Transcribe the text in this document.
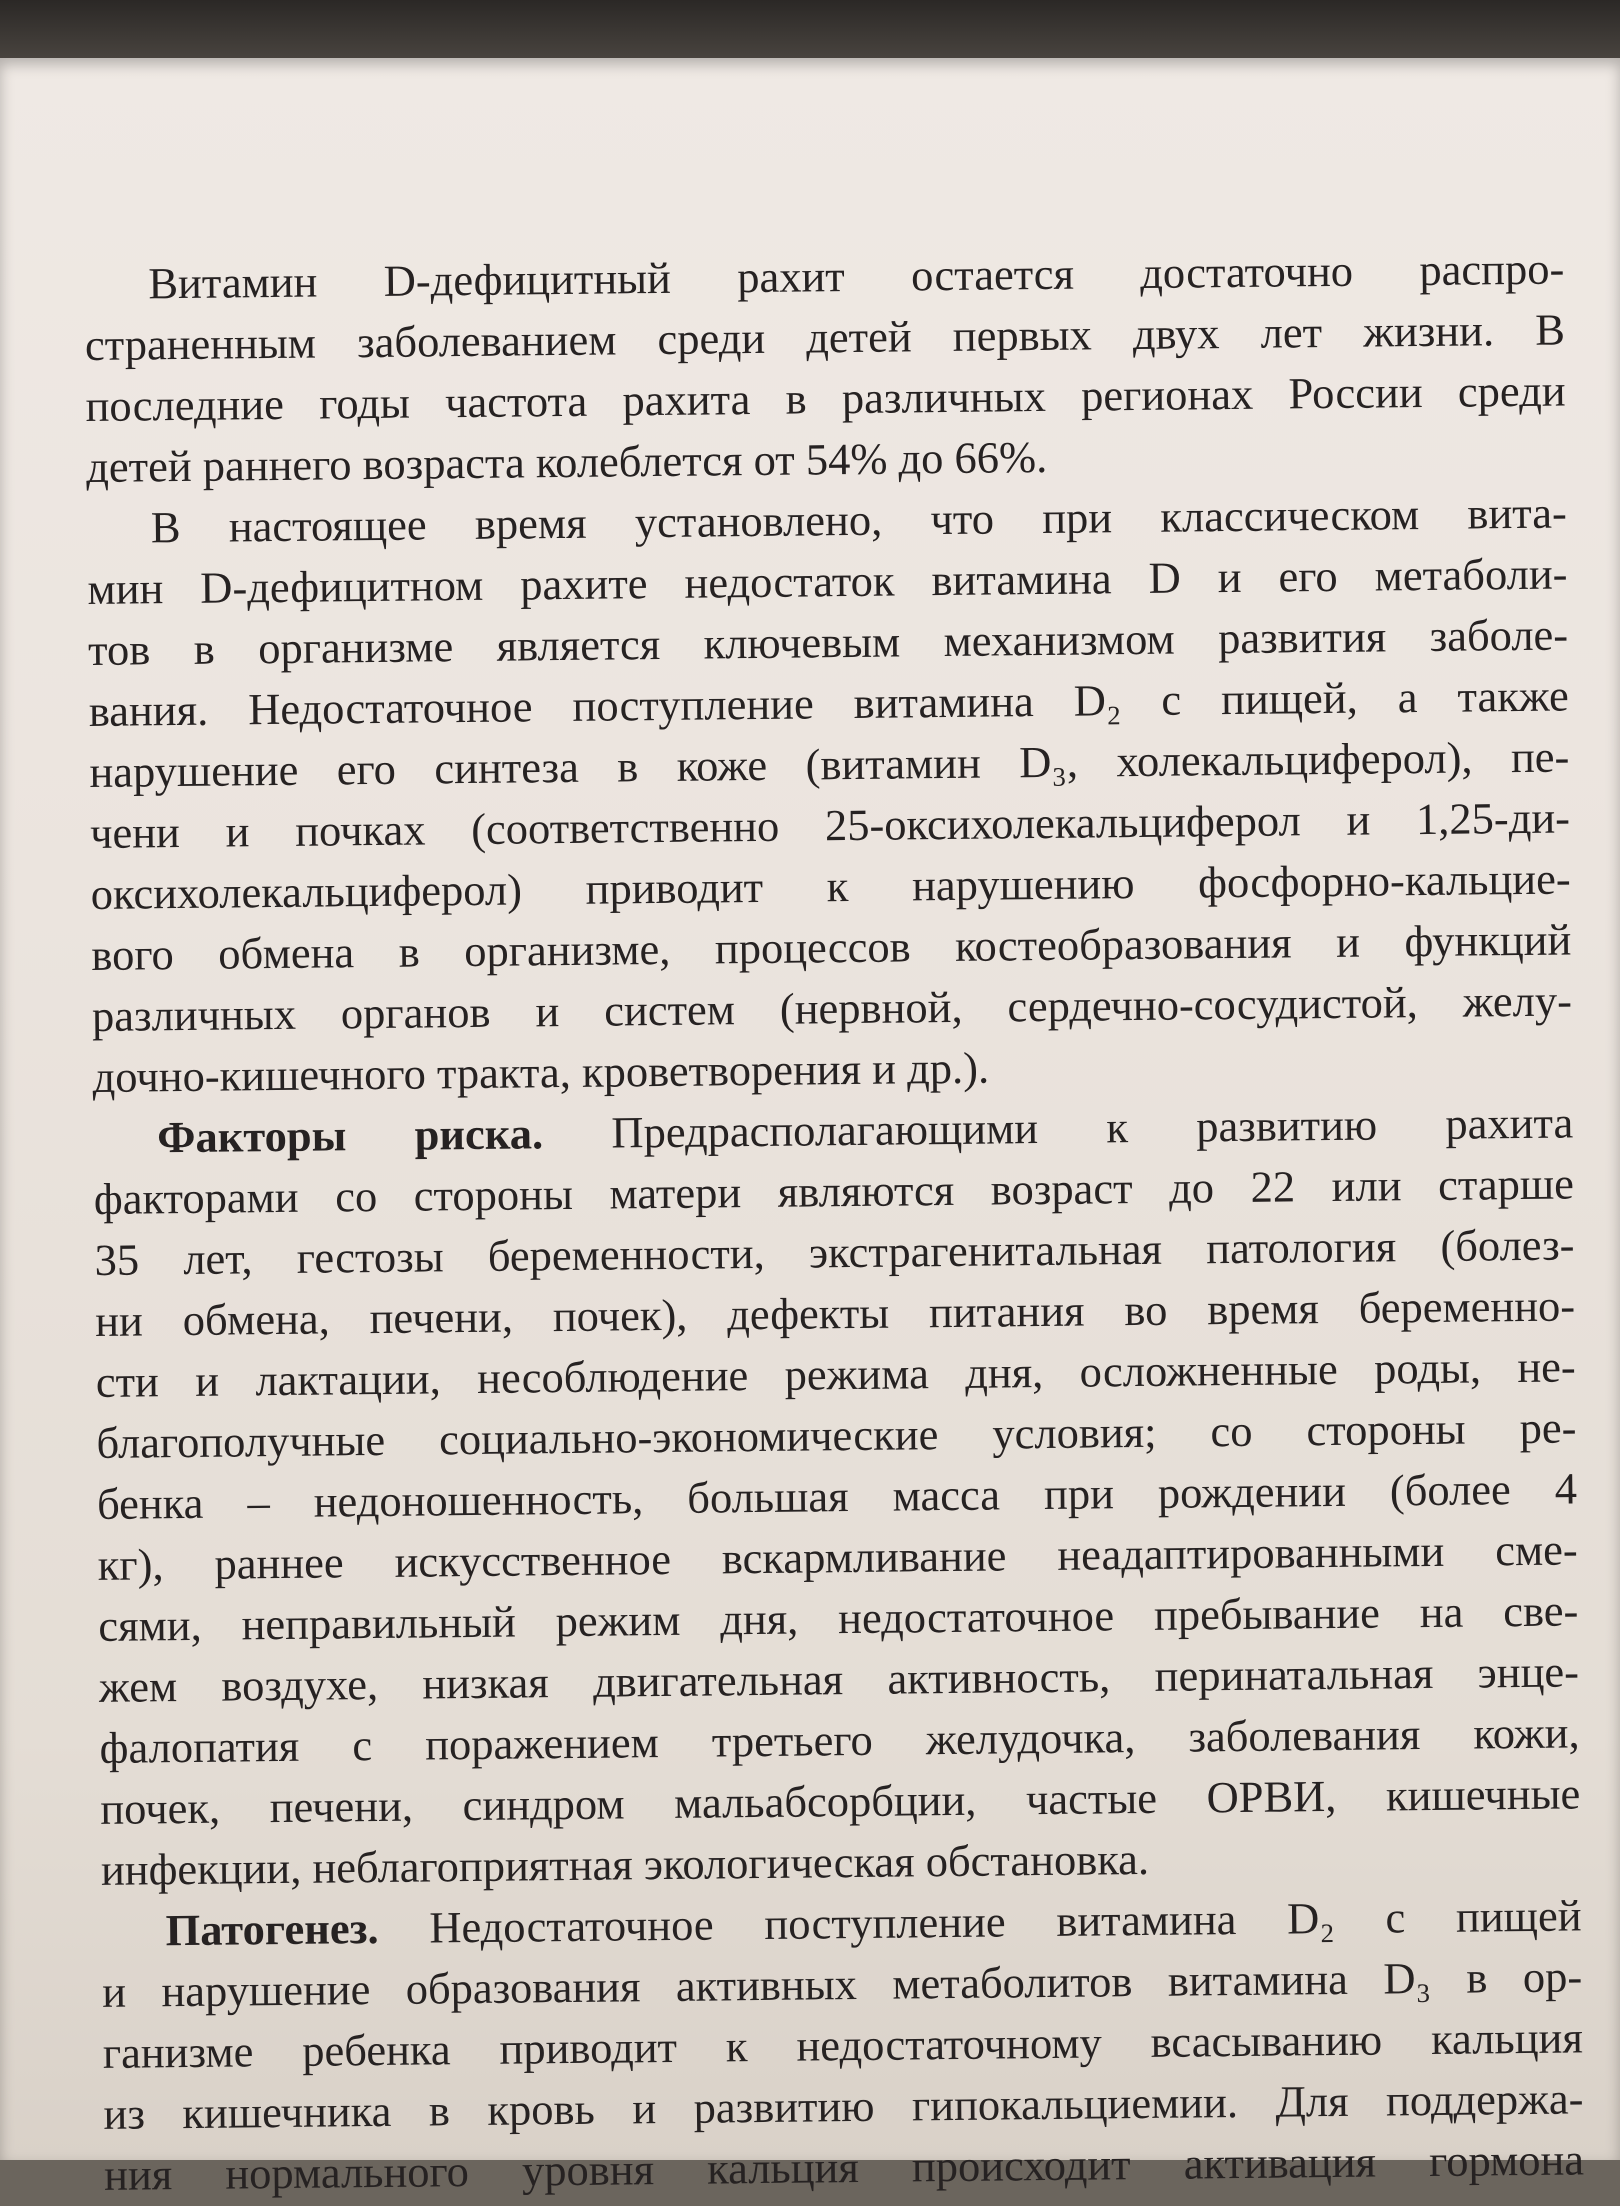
Витамин D-дефицитный рахит остается достаточно распро-
страненным заболеванием среди детей первых двух лет жизни. В
последние годы частота рахита в различных регионах России среди
детей раннего возраста колеблется от 54% до 66%.
В настоящее время установлено, что при классическом вита-
мин D-дефицитном рахите недостаток витамина D и его метаболи-
тов в организме является ключевым механизмом развития заболе-
вания. Недостаточное поступление витамина D₂ с пищей, а также
нарушение его синтеза в коже (витамин D₃, холекальциферол), пе-
чени и почках (соответственно 25-оксихолекальциферол и 1,25-ди-
оксихолекальциферол) приводит к нарушению фосфорно-кальцие-
вого обмена в организме, процессов костеобразования и функций
различных органов и систем (нервной, сердечно-сосудистой, желу-
дочно-кишечного тракта, кроветворения и др.).
Факторы риска. Предрасполагающими к развитию рахита
факторами со стороны матери являются возраст до 22 или старше
35 лет, гестозы беременности, экстрагенитальная патология (болез-
ни обмена, печени, почек), дефекты питания во время беременно-
сти и лактации, несоблюдение режима дня, осложненные роды, не-
благополучные социально-экономические условия; со стороны ре-
бенка – недоношенность, большая масса при рождении (более 4
кг), раннее искусственное вскармливание неадаптированными сме-
сями, неправильный режим дня, недостаточное пребывание на све-
жем воздухе, низкая двигательная активность, перинатальная энце-
фалопатия с поражением третьего желудочка, заболевания кожи,
почек, печени, синдром мальабсорбции, частые ОРВИ, кишечные
инфекции, неблагоприятная экологическая обстановка.
Патогенез. Недостаточное поступление витамина D₂ с пищей
и нарушение образования активных метаболитов витамина D₃ в ор-
ганизме ребенка приводит к недостаточному всасыванию кальция
из кишечника в кровь и развитию гипокальциемии. Для поддержа-
ния нормального уровня кальция происходит активация гормона
